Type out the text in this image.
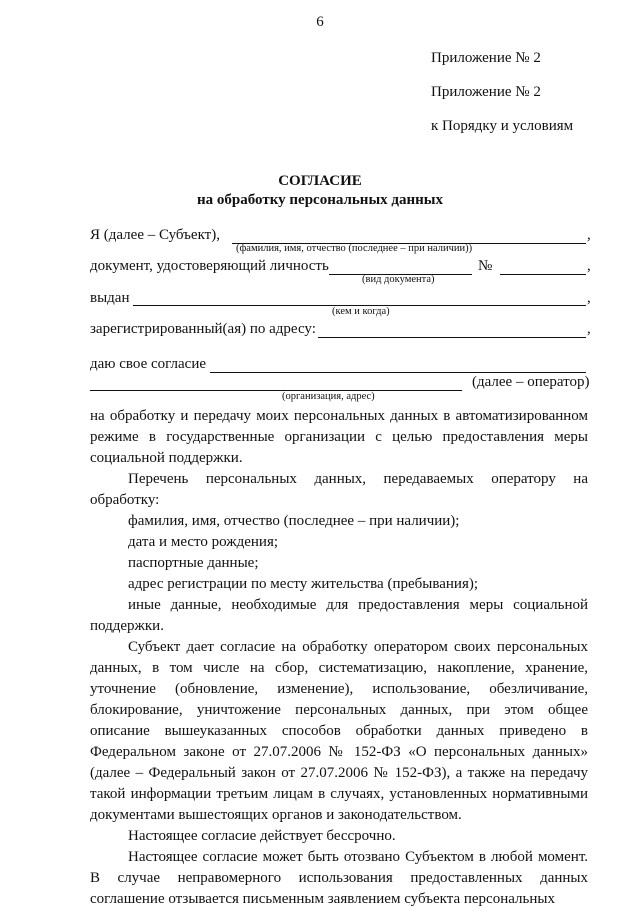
6
Приложение № 2
Приложение № 2
к Порядку и условиям
СОГЛАСИЕ
на обработку персональных данных
Я (далее – Субъект),	,
(фамилия, имя, отчество (последнее – при наличии))
документ, удостоверяющий личность	№	,
(вид документа)
выдан	,
(кем и когда)
зарегистрированный(ая) по адресу:	,
даю свое согласие
(далее – оператор)
(организация, адрес)

на обработку и передачу моих персональных данных в автоматизированном режиме в государственные организации с целью предоставления меры социальной поддержки.

Перечень персональных данных, передаваемых оператору на обработку:

фамилия, имя, отчество (последнее – при наличии);

дата и место рождения;

паспортные данные;

адрес регистрации по месту жительства (пребывания);

иные данные, необходимые для предоставления меры социальной поддержки.

Субъект дает согласие на обработку оператором своих персональных данных, в том числе на сбор, систематизацию, накопление, хранение, уточнение (обновление, изменение), использование, обезличивание, блокирование, уничтожение персональных данных, при этом общее описание вышеуказанных способов обработки данных приведено в Федеральном законе от 27.07.2006 № 152-ФЗ «О персональных данных» (далее – Федеральный закон от 27.07.2006 № 152-ФЗ), а также на передачу такой информации третьим лицам в случаях, установленных нормативными документами вышестоящих органов и законодательством.

Настоящее согласие действует бессрочно.

Настоящее согласие может быть отозвано Субъектом в любой момент. В случае неправомерного использования предоставленных данных соглашение отзывается письменным заявлением субъекта персональных
